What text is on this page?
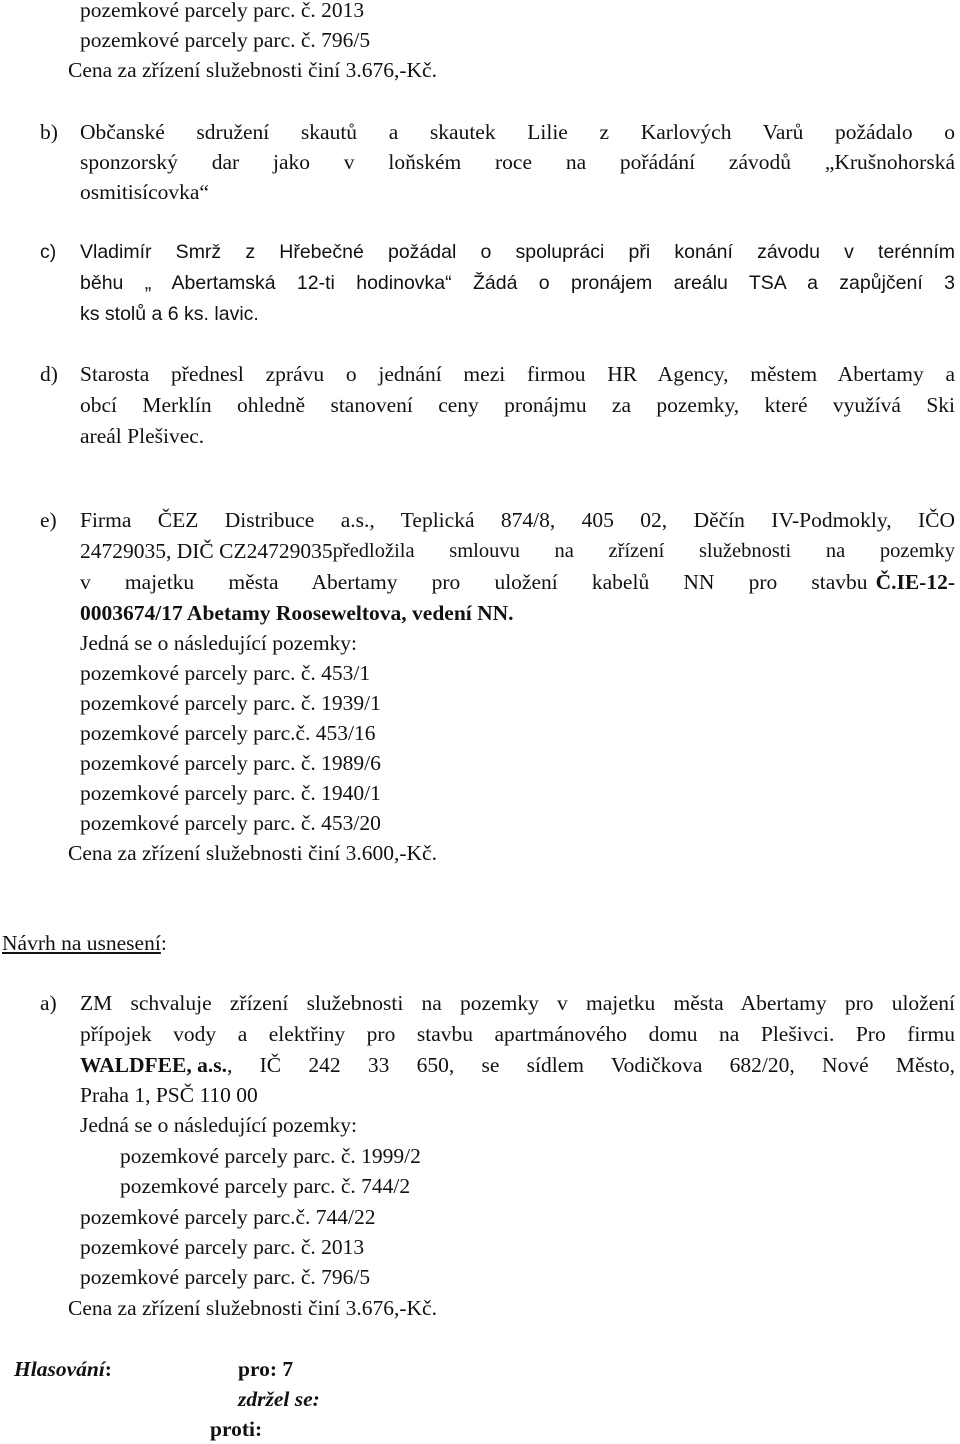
pozemkové parcely parc. č. 2013
pozemkové parcely parc. č. 796/5
Cena za zřízení služebnosti činí 3.676,-Kč.
b) Občanské sdružení skautů a skautek Lilie z Karlových Varů požádalo o
sponzorský dar jako v loňském roce na pořádání závodů „Krušnohorská
osmitisícovka“
c) Vladimír Smrž z Hřebečné požádal o spolupráci při konání závodu v terénním
běhu „ Abertamská 12-ti hodinovka“ Žádá o pronájem areálu TSA a zapůjčení 3
ks stolů a 6 ks. lavic.
d) Starosta přednesl zprávu o jednání mezi firmou HR Agency, městem Abertamy a
obcí Merklín ohledně stanovení ceny pronájmu za pozemky, které využívá Ski
areál Plešivec.
e) Firma ČEZ Distribuce a.s., Teplická 874/8, 405 02, Děčín IV-Podmokly, IČO
24729035, DIČ CZ24729035 předložila smlouvu na zřízení služebnosti na pozemky
v majetku města Abertamy pro uložení kabelů NN pro stavbu Č.IE-12-
0003674/17 Abetamy Rooseweltova, vedení NN.
Jedná se o následující pozemky:
pozemkové parcely parc. č. 453/1
pozemkové parcely parc. č. 1939/1
pozemkové parcely parc.č. 453/16
pozemkové parcely parc. č. 1989/6
pozemkové parcely parc. č. 1940/1
pozemkové parcely parc. č. 453/20
Cena za zřízení služebnosti činí 3.600,-Kč.
Návrh na usnesení:
a) ZM schvaluje zřízení služebnosti na pozemky v majetku města Abertamy pro uložení
přípojek vody a elektřiny pro stavbu apartmánového domu na Plešivci. Pro firmu
WALDFEE, a.s. , IČ 242 33 650, se sídlem Vodičkova 682/20, Nové Město,
Praha 1, PSČ 110 00
Jedná se o následující pozemky:
pozemkové parcely parc. č. 1999/2
pozemkové parcely parc. č. 744/2
pozemkové parcely parc.č. 744/22
pozemkové parcely parc. č. 2013
pozemkové parcely parc. č. 796/5
Cena za zřízení služebnosti činí 3.676,-Kč.
Hlasování:	pro: 7
zdržel se:
proti:
